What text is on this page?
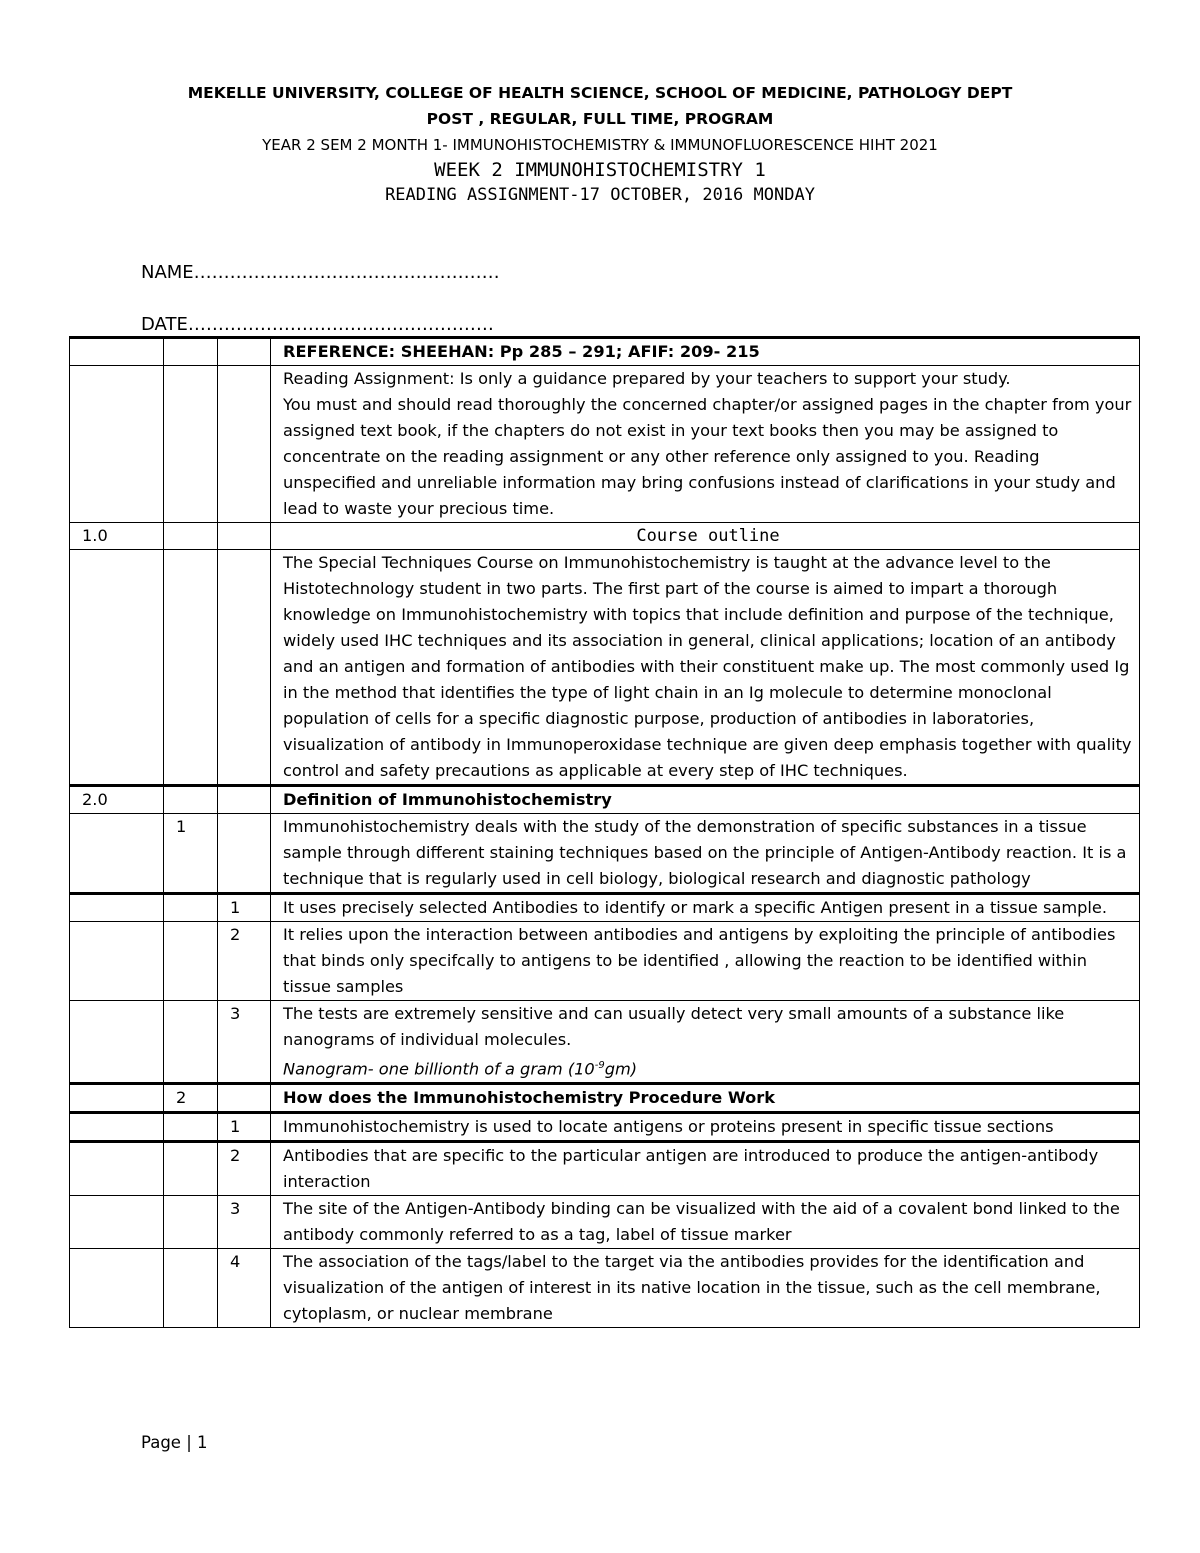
MEKELLE UNIVERSITY, COLLEGE OF HEALTH SCIENCE, SCHOOL OF MEDICINE, PATHOLOGY DEPT
POST , REGULAR, FULL TIME, PROGRAM
YEAR 2 SEM 2 MONTH 1- IMMUNOHISTOCHEMISTRY & IMMUNOFLUORESCENCE HIHT 2021
WEEK 2 IMMUNOHISTOCHEMISTRY 1
READING ASSIGNMENT-17 OCTOBER, 2016 MONDAY
NAME……………………………………………
DATE……………………………………………
			REFERENCE: SHEEHAN: Pp 285 – 291; AFIF: 209- 215

			Reading Assignment: Is only a guidance prepared by your teachers to support your study.
You must and should read thoroughly the concerned chapter/or assigned pages in the chapter from your assigned text book, if the chapters do not exist in your text books then you may be assigned to concentrate on the reading assignment or any other reference only assigned to you. Reading unspecified and unreliable information may bring confusions instead of clarifications in your study and lead to waste your precious time.

1.0			Course outline
			The Special Techniques Course on Immunohistochemistry is taught at the advance level to the Histotechnology student in two parts. The first part of the course is aimed to impart a thorough knowledge on Immunohistochemistry with topics that include definition and purpose of the technique, widely used IHC techniques and its association in general, clinical applications; location of an antibody and an antigen and formation of antibodies with their constituent make up. The most commonly used Ig in the method that identifies the type of light chain in an Ig molecule to determine monoclonal population of cells for a specific diagnostic purpose, production of antibodies in laboratories, visualization of antibody in Immunoperoxidase technique are given deep emphasis together with quality control and safety precautions as applicable at every step of IHC techniques.
2.0			Definition of Immunohistochemistry
	1		Immunohistochemistry deals with the study of the demonstration of specific substances in a tissue sample through different staining techniques based on the principle of Antigen-Antibody reaction. It is a technique that is regularly used in cell biology, biological research and diagnostic pathology
		1	It uses precisely selected Antibodies to identify or mark a specific Antigen present in a tissue sample.
		2	It relies upon the interaction between antibodies and antigens by exploiting the principle of antibodies that binds only specifcally to antigens to be identified , allowing the reaction to be identified within tissue samples
		3	The tests are extremely sensitive and can usually detect very small amounts of a substance like nanograms of individual molecules.
Nanogram- one billionth of a gram $(10^{-9}gm)$

	2		How does the Immunohistochemistry Procedure Work
		1	Immunohistochemistry is used to locate antigens or proteins present in specific tissue sections
		2	Antibodies that are specific to the particular antigen are introduced to produce the antigen-antibody interaction
		3	The site of the Antigen-Antibody binding can be visualized with the aid of a covalent bond linked to the antibody commonly referred to as a tag, label of tissue marker
		4	The association of the tags/label to the target via the antibodies provides for the identification and visualization of the antigen of interest in its native location in the tissue, such as the cell membrane, cytoplasm, or nuclear membrane
Page | 1
